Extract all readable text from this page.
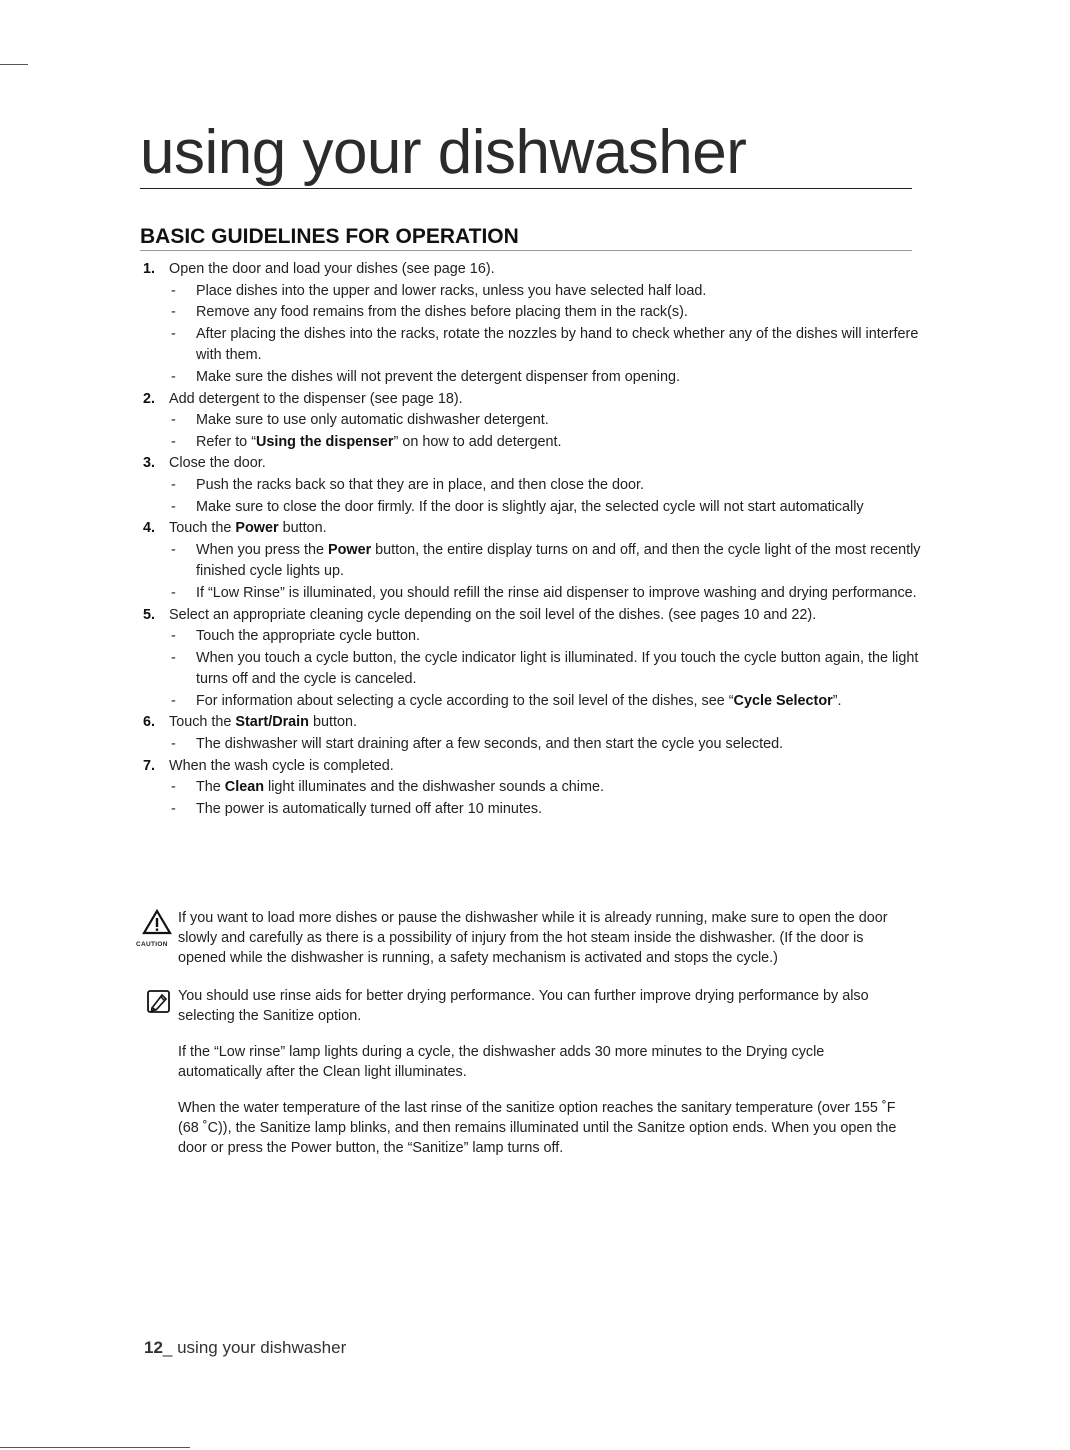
using your dishwasher
BASIC GUIDELINES FOR OPERATION
1. Open the door and load your dishes (see page 16).
- Place dishes into the upper and lower racks, unless you have selected half load.
- Remove any food remains from the dishes before placing them in the rack(s).
- After placing the dishes into the racks, rotate the nozzles by hand to check whether any of the dishes will interfere with them.
- Make sure the dishes will not prevent the detergent dispenser from opening.
2. Add detergent to the dispenser (see page 18).
- Make sure to use only automatic dishwasher detergent.
- Refer to “Using the dispenser” on how to add detergent.
3. Close the door.
- Push the racks back so that they are in place, and then close the door.
- Make sure to close the door firmly. If the door is slightly ajar, the selected cycle will not start automatically
4. Touch the Power button.
- When you press the Power button, the entire display turns on and off, and then the cycle light of the most recently finished cycle lights up.
- If “Low Rinse” is illuminated, you should refill the rinse aid dispenser to improve washing and drying performance.
5. Select an appropriate cleaning cycle depending on the soil level of the dishes. (see pages 10 and 22).
- Touch the appropriate cycle button.
- When you touch a cycle button, the cycle indicator light is illuminated. If you touch the cycle button again, the light turns off and the cycle is canceled.
- For information about selecting a cycle according to the soil level of the dishes, see “Cycle Selector”.
6. Touch the Start/Drain button.
- The dishwasher will start draining after a few seconds, and then start the cycle you selected.
7. When the wash cycle is completed.
- The Clean light illuminates and the dishwasher sounds a chime.
- The power is automatically turned off after 10 minutes.
CAUTION
If you want to load more dishes or pause the dishwasher while it is already running, make sure to open the door slowly and carefully as there is a possibility of injury from the hot steam inside the dishwasher. (If the door is opened while the dishwasher is running, a safety mechanism is activated and stops the cycle.)

You should use rinse aids for better drying performance. You can further improve drying performance by also selecting the Sanitize option.

If the “Low rinse” lamp lights during a cycle, the dishwasher adds 30 more minutes to the Drying cycle automatically after the Clean light illuminates.

When the water temperature of the last rinse of the sanitize option reaches the sanitary temperature (over 155 ˚F (68 ˚C)), the Sanitize lamp blinks, and then remains illuminated until the Sanitze option ends. When you open the door or press the Power button, the “Sanitize” lamp turns off.

12_ using your dishwasher
